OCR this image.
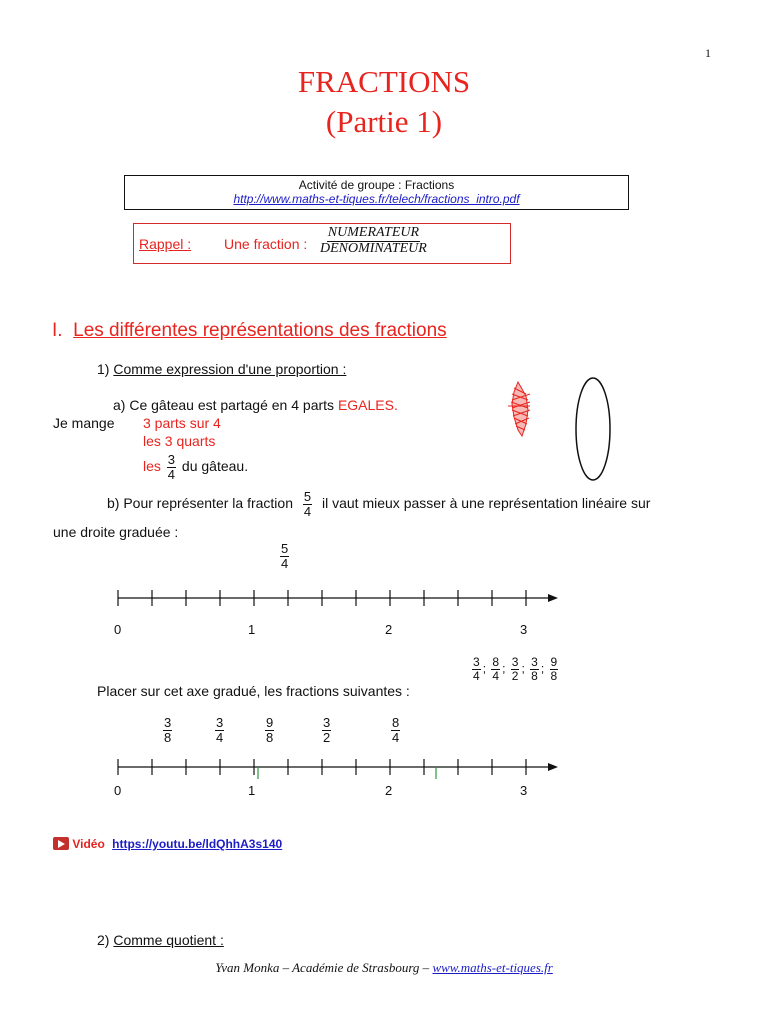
1
FRACTIONS
(Partie 1)
Activité de groupe : Fractions
http://www.maths-et-tiques.fr/telech/fractions_intro.pdf
Rappel : Une fraction : $\frac{\text{NUMERATEUR}}{\text{DENOMINATEUR}}$
I. Les différentes représentations des fractions
1) Comme expression d'une proportion :
a) Ce gâteau est partagé en 4 parts EGALES.
Je mange 3 parts sur 4
les 3 quarts
les $\frac{3}{4}$ du gâteau.
b) Pour représenter la fraction $\frac{5}{4}$ il vaut mieux passer à une représentation linéaire sur
une droite graduée :
$\frac{5}{4}$
0	1	2	3
$\frac{3}{4}$ ; $\frac{8}{4}$ ; $\frac{3}{2}$ ; $\frac{3}{8}$ ; $\frac{9}{8}$
Placer sur cet axe gradué, les fractions suivantes :
$\frac{3}{8}$	$\frac{3}{4}$	$\frac{9}{8}$	$\frac{3}{2}$	$\frac{8}{4}$
0	1	2	3
Vidéo https://youtu.be/ldQhhA3s140
2) Comme quotient :
Yvan Monka – Académie de Strasbourg – www.maths-et-tiques.fr
